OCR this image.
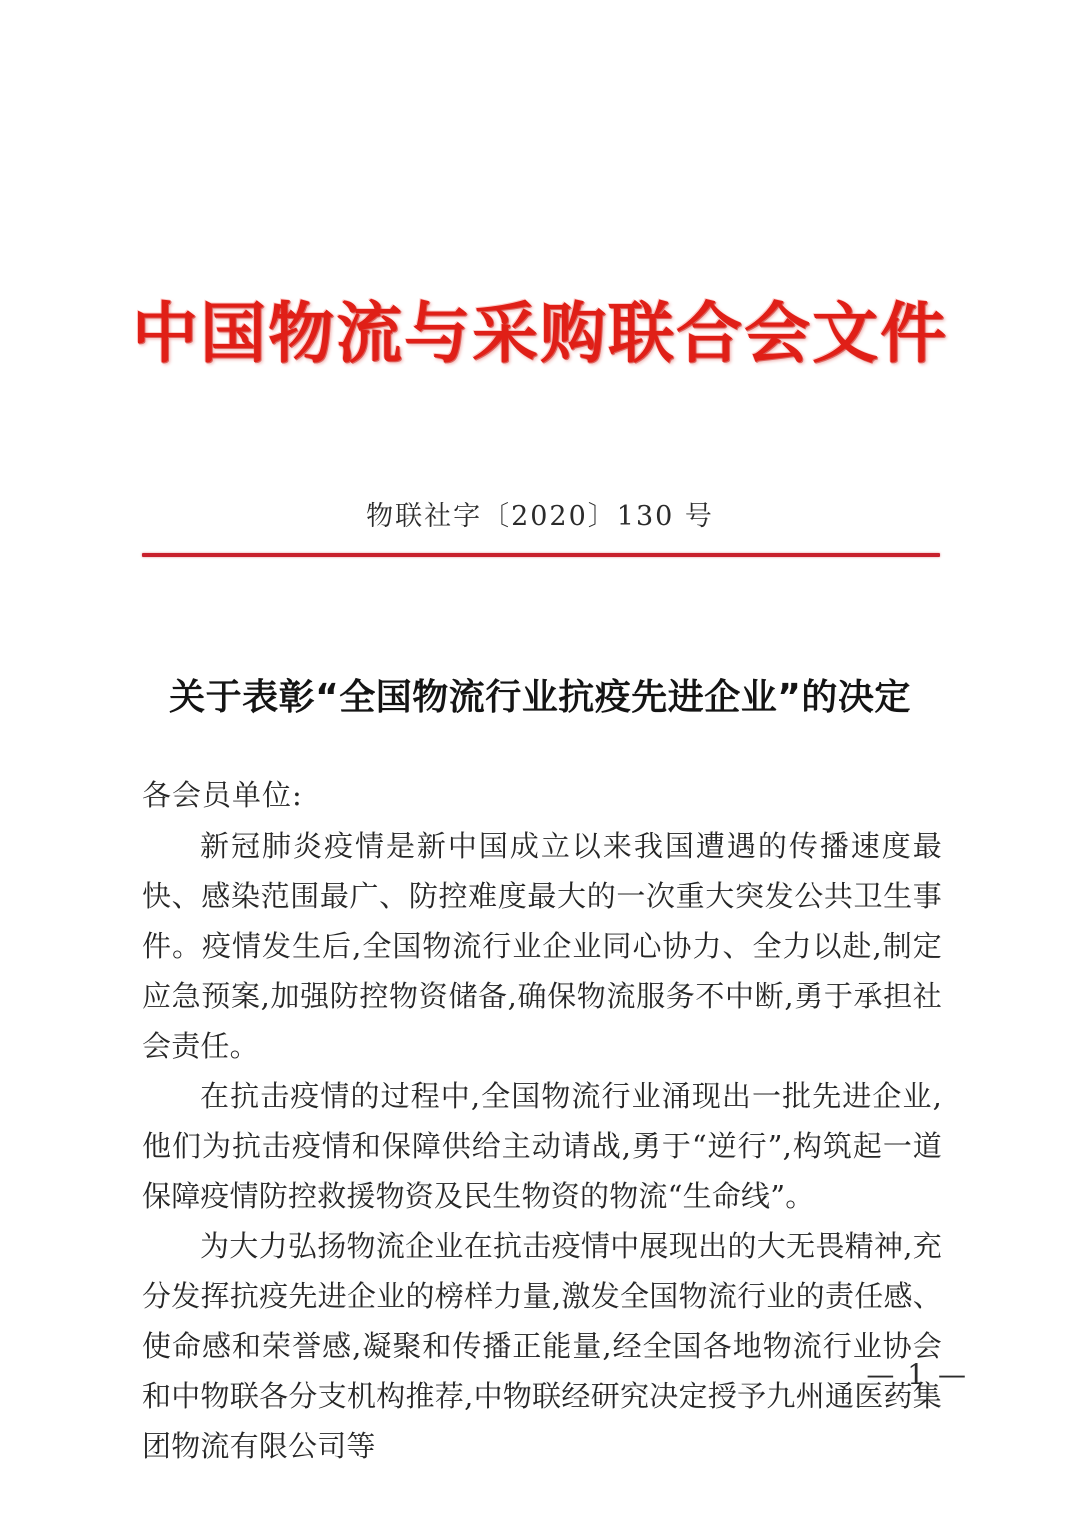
中国物流与采购联合会文件
物联社字〔2020〕130 号
关于表彰“全国物流行业抗疫先进企业”的决定

各会员单位:

新冠肺炎疫情是新中国成立以来我国遭遇的传播速度最快、感染范围最广、防控难度最大的一次重大突发公共卫生事件。疫情发生后,全国物流行业企业同心协力、全力以赴,制定应急预案,加强防控物资储备,确保物流服务不中断,勇于承担社会责任。

在抗击疫情的过程中,全国物流行业涌现出一批先进企业,他们为抗击疫情和保障供给主动请战,勇于“逆行”,构筑起一道保障疫情防控救援物资及民生物资的物流“生命线”。

为大力弘扬物流企业在抗击疫情中展现出的大无畏精神,充分发挥抗疫先进企业的榜样力量,激发全国物流行业的责任感、使命感和荣誉感,凝聚和传播正能量,经全国各地物流行业协会和中物联各分支机构推荐,中物联经研究决定授予九州通医药集团物流有限公司等

— 1 —
